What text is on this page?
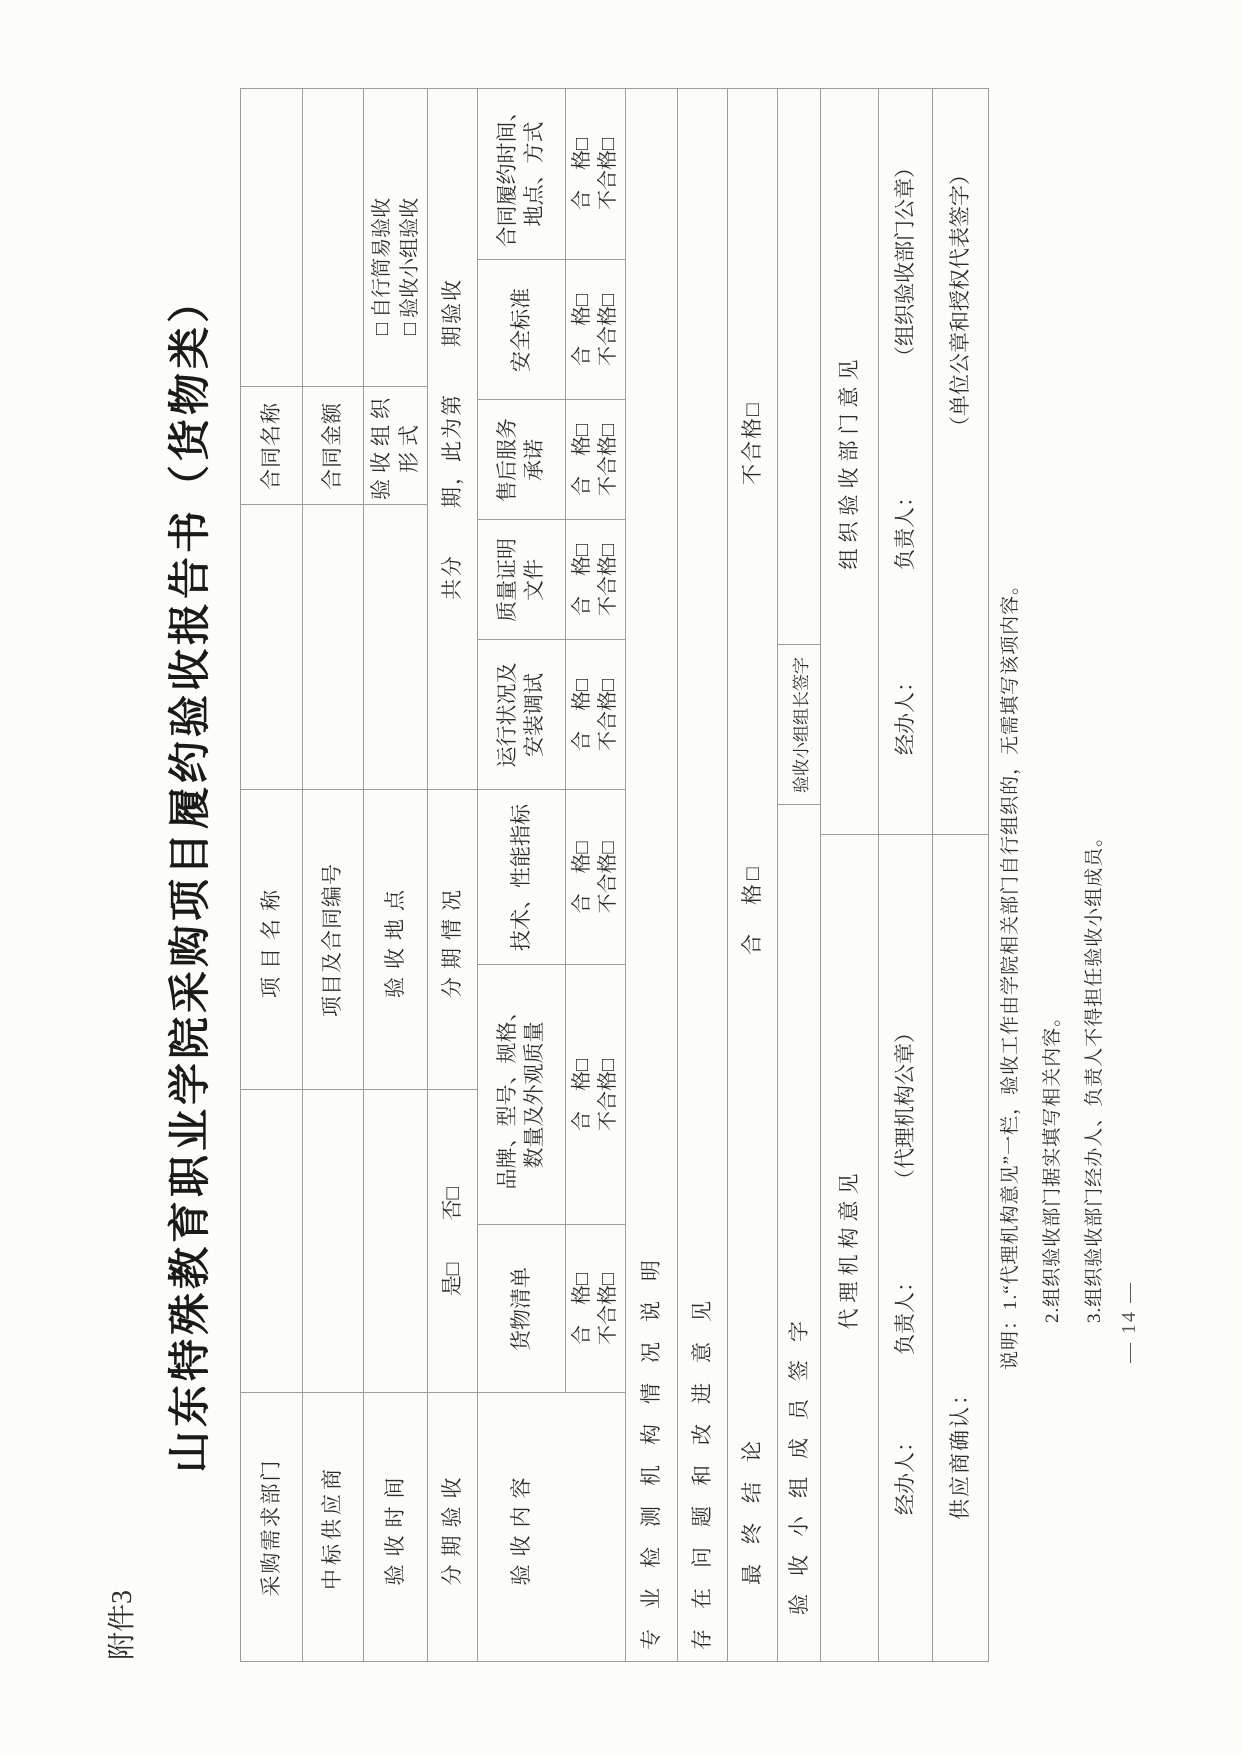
附件3
山东特殊教育职业学院采购项目履约验收报告书（货物类）	— 14 —
采购需求部门
项目名称
合同名称
中标供应商
项目及合同编号
合同金额
验收时间
验收地点
验收组织 形式
□ 自行简易验收 □ 验收小组验收
分期验收
是□　　否□
分期情况
共分　　期，此为第　　期验收
验收内容
货物清单
品牌、型号、规格、 数量及外观质量
技术、性能指标
运行状况及 安装调试
质量证明 文件
售后服务 承诺
安全标准
合同履约时间、 地点、方式
合　格□ 不合格□
合　格□ 不合格□
合　格□ 不合格□
合　格□ 不合格□
合　格□ 不合格□
合　格□ 不合格□
合　格□ 不合格□
合　格□ 不合格□
专业检测机构情况说明 存在问题和改进意见 最终结论
合　格□
不合格□
验收小组成员签字
验收小组组长签字
代理机构意见
组织验收部门意见
经办人：
负责人：
（代理机构公章）
经办人：
负责人：
（组织验收部门公章）
供应商确认：
（单位公章和授权代表签字）
说明：1.“代理机构意见”一栏，验收工作由学院相关部门自行组织的，无需填写该项内容。 2.组织验收部门据实填写相关内容。 3.组织验收部门经办人、负责人不得担任验收小组成员。
